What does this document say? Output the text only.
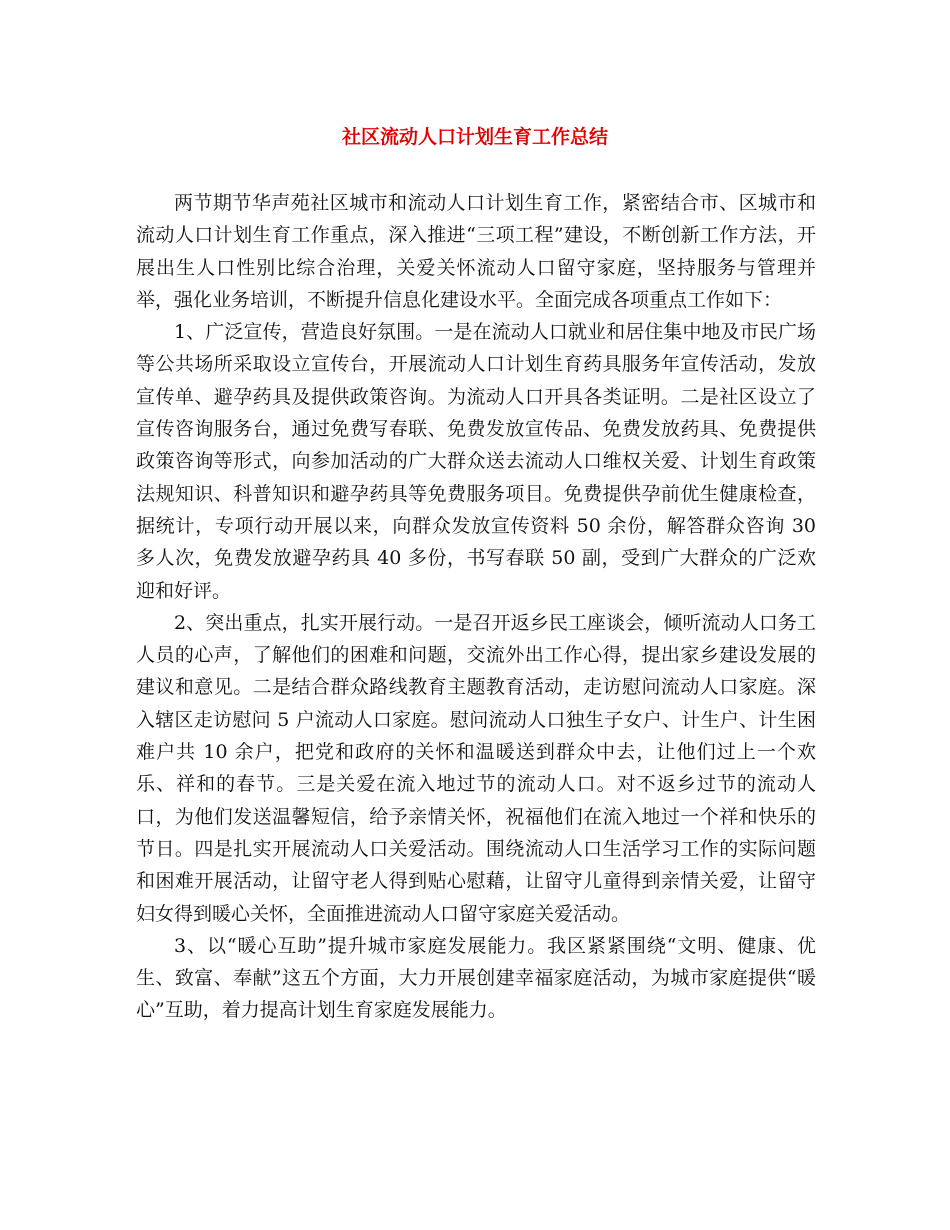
社区流动人口计划生育工作总结

两节期节华声苑社区城市和流动人口计划生育工作，紧密结合市、区城市和流动人口计划生育工作重点，深入推进“三项工程”建设，不断创新工作方法，开展出生人口性别比综合治理，关爱关怀流动人口留守家庭，坚持服务与管理并举，强化业务培训，不断提升信息化建设水平。全面完成各项重点工作如下：

1、广泛宣传，营造良好氛围。一是在流动人口就业和居住集中地及市民广场等公共场所采取设立宣传台，开展流动人口计划生育药具服务年宣传活动，发放宣传单、避孕药具及提供政策咨询。为流动人口开具各类证明。二是社区设立了宣传咨询服务台，通过免费写春联、免费发放宣传品、免费发放药具、免费提供政策咨询等形式，向参加活动的广大群众送去流动人口维权关爱、计划生育政策法规知识、科普知识和避孕药具等免费服务项目。免费提供孕前优生健康检查，据统计，专项行动开展以来，向群众发放宣传资料 50 余份，解答群众咨询 30 多人次，免费发放避孕药具 40 多份，书写春联 50 副，受到广大群众的广泛欢迎和好评。

2、突出重点，扎实开展行动。一是召开返乡民工座谈会，倾听流动人口务工人员的心声，了解他们的困难和问题，交流外出工作心得，提出家乡建设发展的建议和意见。二是结合群众路线教育主题教育活动，走访慰问流动人口家庭。深入辖区走访慰问 5 户流动人口家庭。慰问流动人口独生子女户、计生户、计生困难户共 10 余户，把党和政府的关怀和温暖送到群众中去，让他们过上一个欢乐、祥和的春节。三是关爱在流入地过节的流动人口。对不返乡过节的流动人口，为他们发送温馨短信，给予亲情关怀，祝福他们在流入地过一个祥和快乐的节日。四是扎实开展流动人口关爱活动。围绕流动人口生活学习工作的实际问题和困难开展活动，让留守老人得到贴心慰藉，让留守儿童得到亲情关爱，让留守妇女得到暖心关怀，全面推进流动人口留守家庭关爱活动。

3、以“暖心互助”提升城市家庭发展能力。我区紧紧围绕“文明、健康、优生、致富、奉献”这五个方面，大力开展创建幸福家庭活动，为城市家庭提供“暖心”互助，着力提高计划生育家庭发展能力。
